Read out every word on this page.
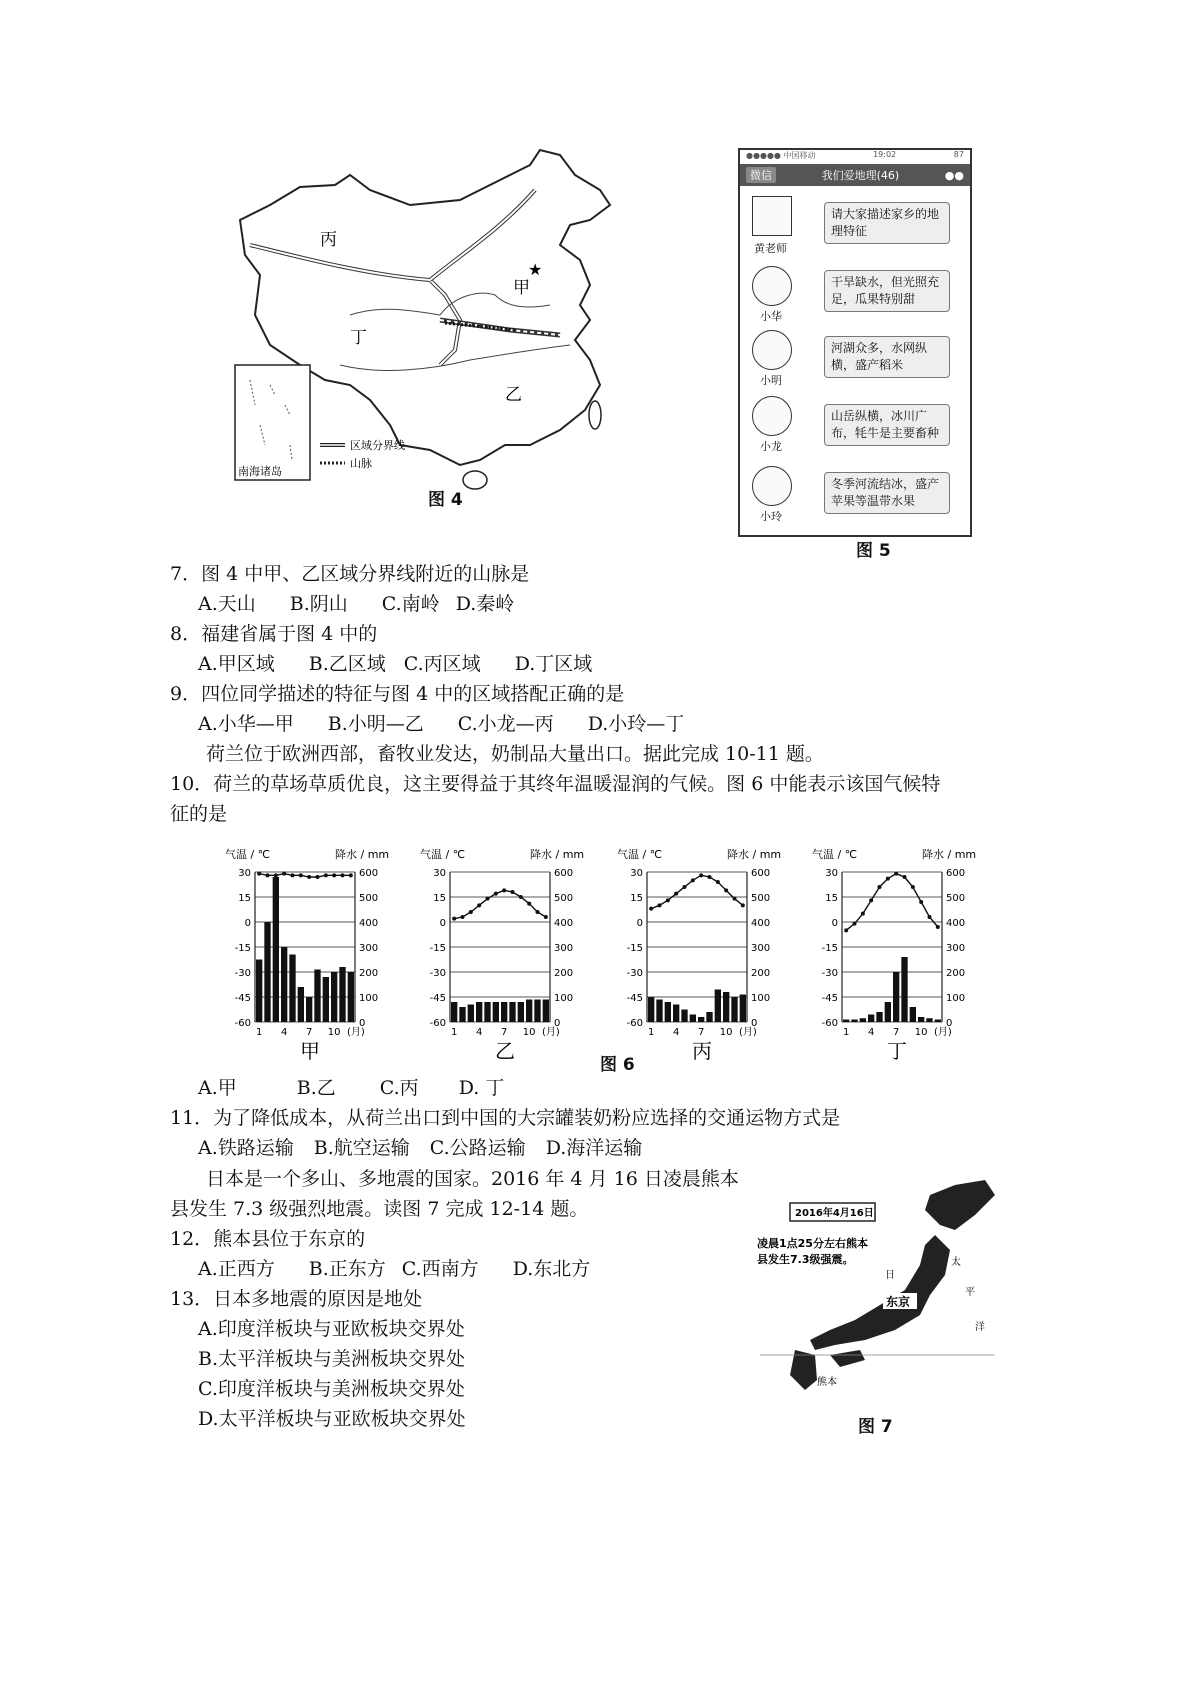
★
丙
甲
丁
乙
南海诸岛
区域分界线
山脉
图 4
●●●●● 中国移动	19:02	87
微信	我们爱地理(46)	●●
黄老师
请大家描述家乡的地理特征
小华
干旱缺水，但光照充足，瓜果特别甜
小明
河湖众多，水网纵横，盛产稻米
小龙
山岳纵横，冰川广布，牦牛是主要畜种
小玲
冬季河流结冰，盛产苹果等温带水果
图 5
7．图 4 中甲、乙区域分界线附近的山脉是
A.天山 B.阴山 C.南岭 D.秦岭
8．福建省属于图 4 中的
A.甲区域 B.乙区域 C.丙区域 D.丁区域
9．四位同学描述的特征与图 4 中的区域搭配正确的是
A.小华—甲 B.小明—乙 C.小龙—丙 D.小玲—丁
荷兰位于欧洲西部，畜牧业发达，奶制品大量出口。据此完成 10-11 题。
10．荷兰的草场草质优良，这主要得益于其终年温暖湿润的气候。图 6 中能表示该国气候特
征的是
气温 / ℃	降水 / mm
30	600
15	500
0	400
-15	300
-30	200
-45	100
-60	0
1 4 7 10 (月)
甲
气温 / ℃	降水 / mm
30	600
15	500
0	400
-15	300
-30	200
-45	100
-60	0
1 4 7 10 (月)
乙
气温 / ℃	降水 / mm
30	600
15	500
0	400
-15	300
-30	200
-45	100
-60	0
1 4 7 10 (月)
丙
气温 / ℃	降水 / mm
30	600
15	500
0	400
-15	300
-30	200
-45	100
-60	0
1 4 7 10 (月)
丁
图 6
A.甲	B.乙 C.丙 D. 丁
11．为了降低成本，从荷兰出口到中国的大宗罐装奶粉应选择的交通运物方式是
A.铁路运输 B.航空运输 C.公路运输 D.海洋运输
日本是一个多山、多地震的国家。2016 年 4 月 16 日凌晨熊本
县发生 7.3 级强烈地震。读图 7 完成 12-14 题。
12．熊本县位于东京的
A.正西方 B.正东方 C.西南方 D.东北方
13．日本多地震的原因是地处
A.印度洋板块与亚欧板块交界处
B.太平洋板块与美洲板块交界处
C.印度洋板块与美洲板块交界处
D.太平洋板块与亚欧板块交界处
2016年4月16日
凌晨1点25分左右熊本
县发生7.3级强震。
东京
熊本
日
太
平
洋
图 7
